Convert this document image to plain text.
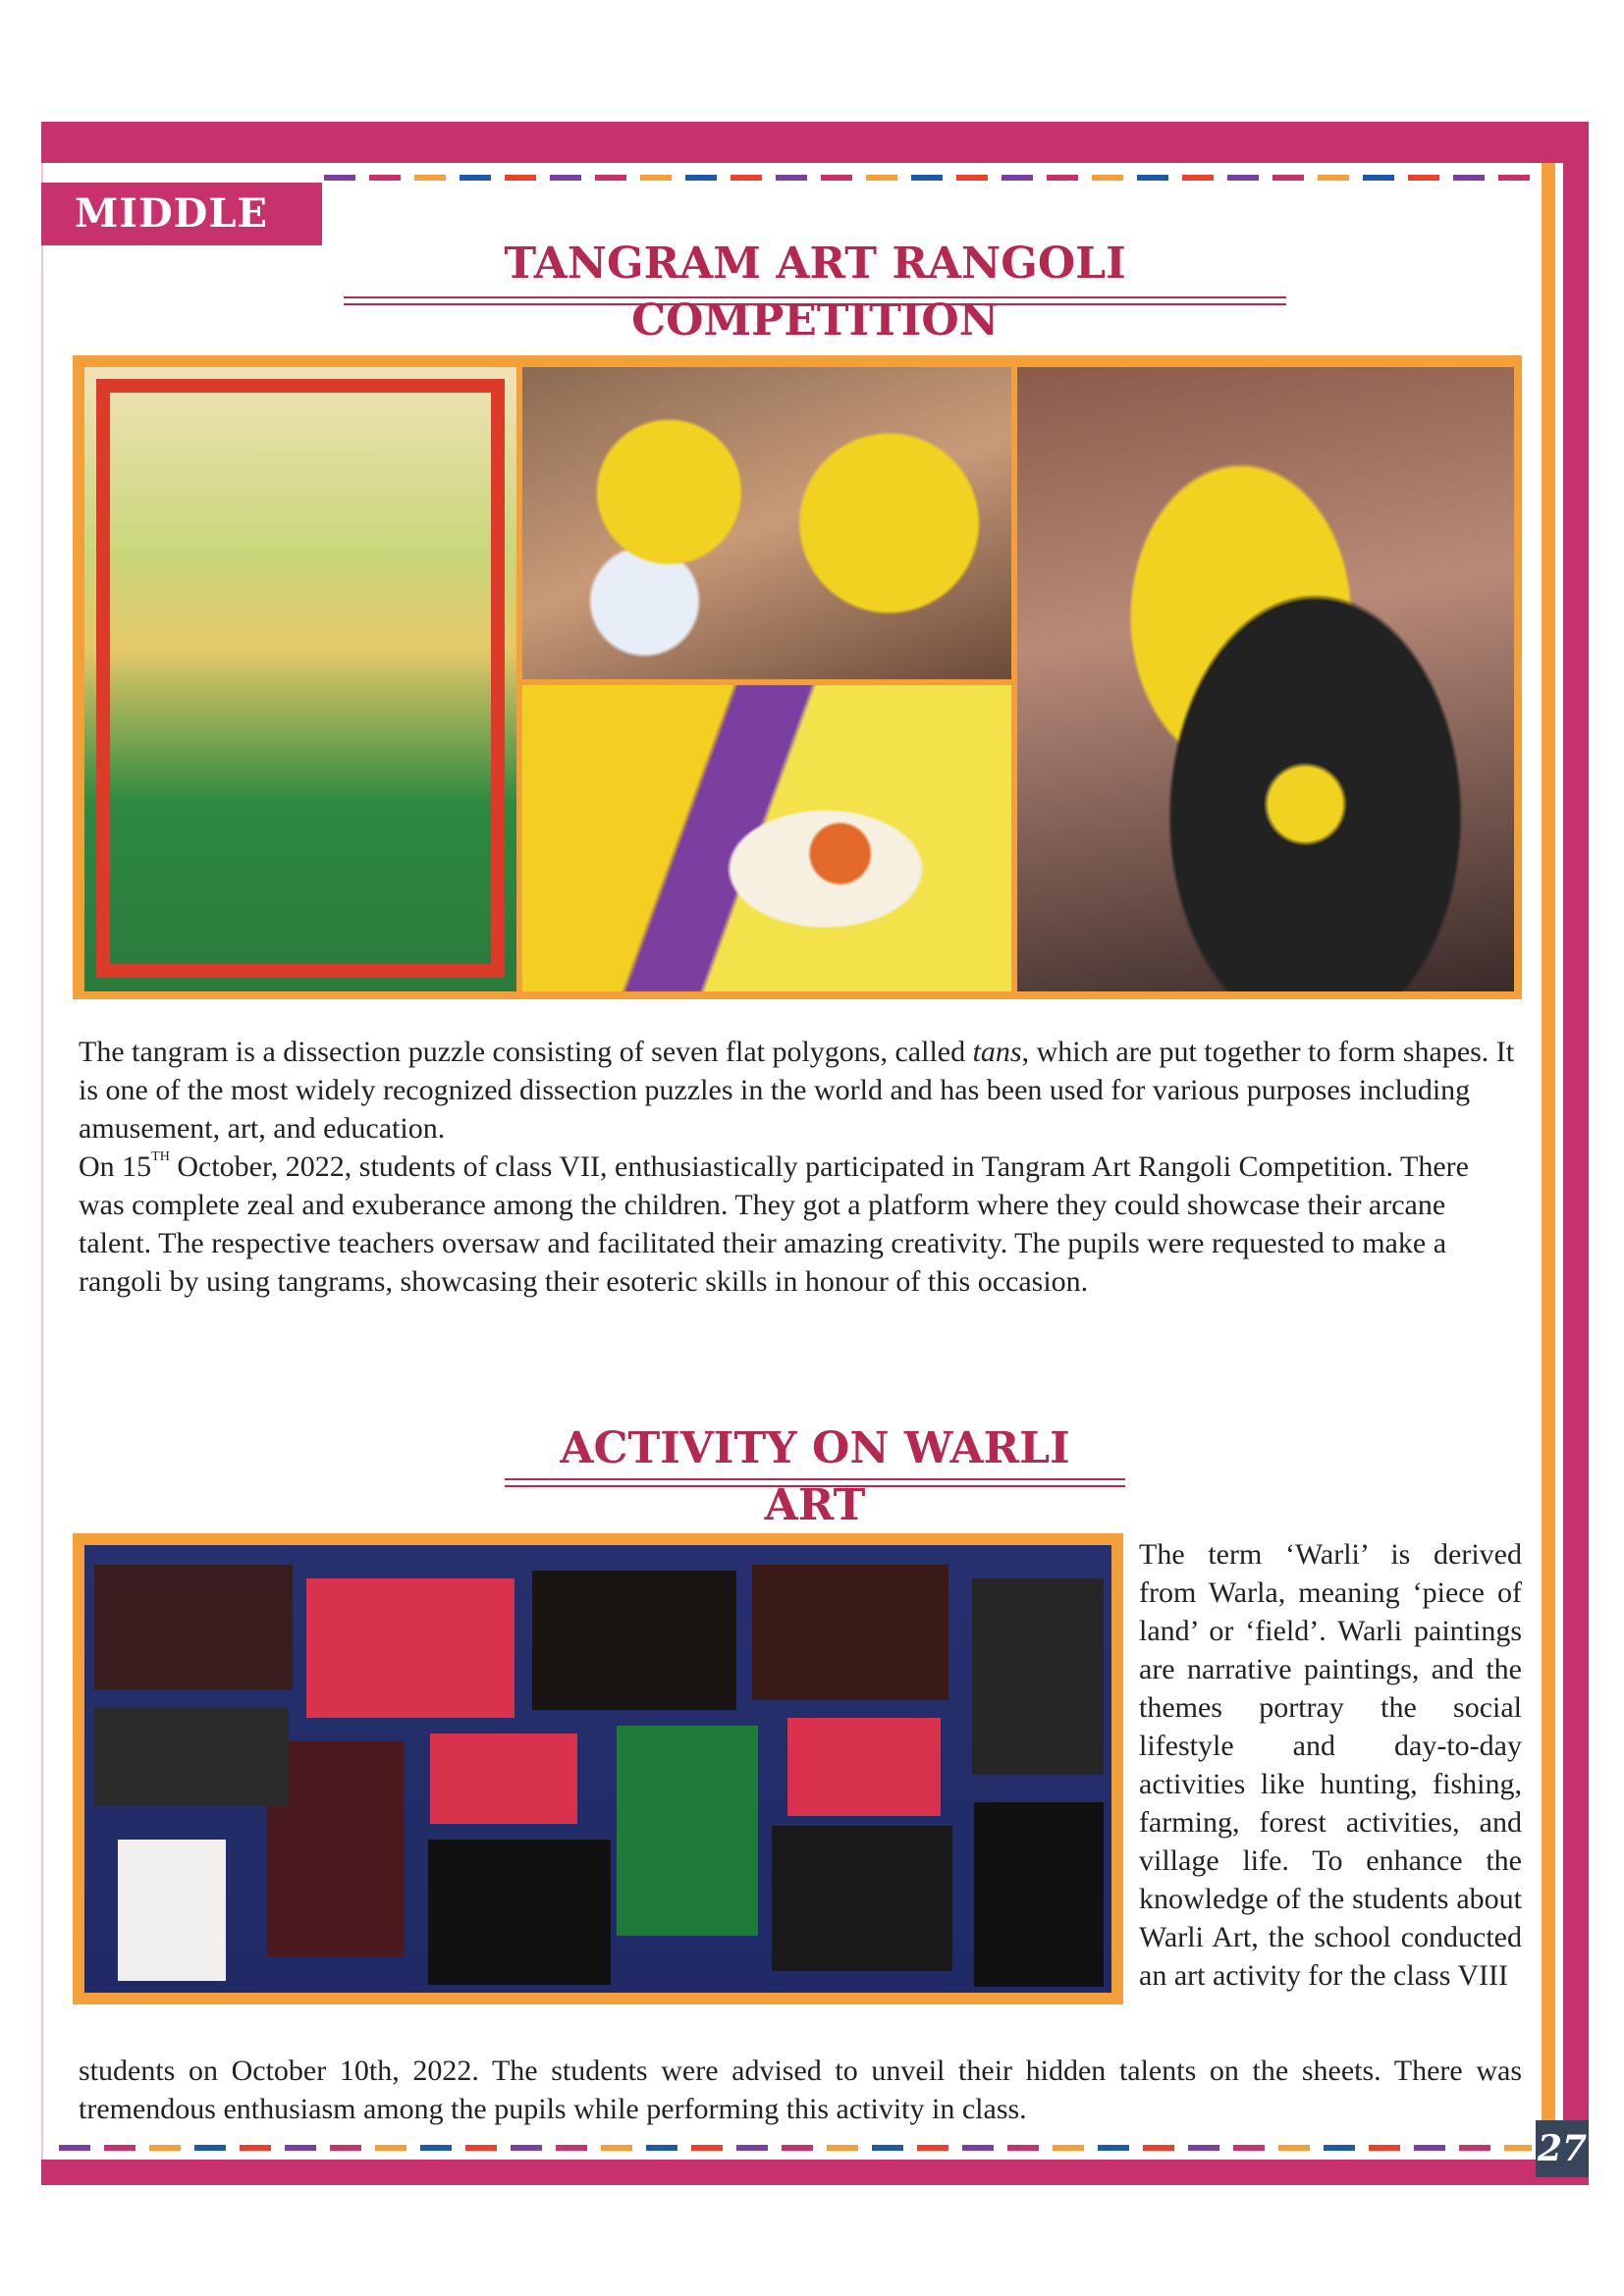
MIDDLE
TANGRAM ART RANGOLI COMPETITION

The tangram is a dissection puzzle consisting of seven flat polygons, called tans, which are put together to form shapes. It is one of the most widely recognized dissection puzzles in the world and has been used for various purposes including amusement, art, and education.

On 15TH October, 2022, students of class VII, enthusiastically participated in Tangram Art Rangoli Competition. There was complete zeal and exuberance among the children. They got a platform where they could showcase their arcane talent. The respective teachers oversaw and facilitated their amazing creativity. The pupils were requested to make a rangoli by using tangrams, showcasing their esoteric skills in honour of this occasion.

ACTIVITY ON WARLI ART
The term ‘Warli’ is derived from Warla, meaning ‘piece of land’ or ‘field’. Warli paintings are narrative paintings, and the themes portray the social lifestyle and day-to-day activities like hunting, fishing, farming, forest activities, and village life. To enhance the knowledge of the students about Warli Art, the school conducted an art activity for the class VIII

students on October 10th, 2022. The students were advised to unveil their hidden talents on the sheets. There was tremendous enthusiasm among the pupils while performing this activity in class.

27
